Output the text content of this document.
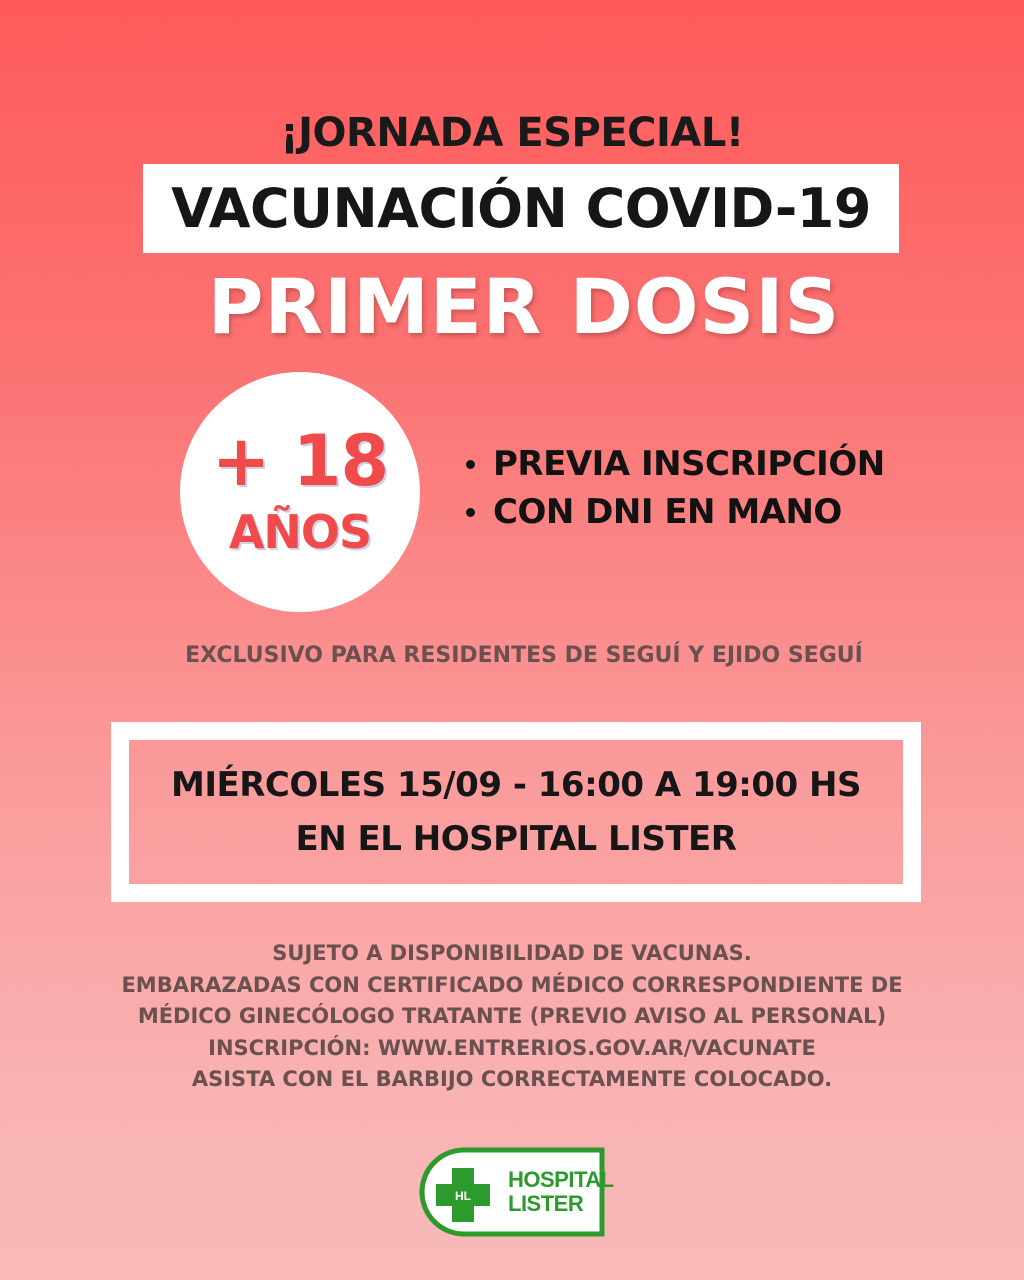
¡JORNADA ESPECIAL!
VACUNACIÓN COVID-19
PRIMER DOSIS
+ 18
AÑOS
PREVIA INSCRIPCIÓN
CON DNI EN MANO
EXCLUSIVO PARA RESIDENTES DE SEGUÍ Y EJIDO SEGUÍ
MIÉRCOLES 15/09 - 16:00 A 19:00 HS
EN EL HOSPITAL LISTER
SUJETO A DISPONIBILIDAD DE VACUNAS.
EMBARAZADAS CON CERTIFICADO MÉDICO CORRESPONDIENTE DE
MÉDICO GINECÓLOGO TRATANTE (PREVIO AVISO AL PERSONAL)
INSCRIPCIÓN: WWW.ENTRERIOS.GOV.AR/VACUNATE
ASISTA CON EL BARBIJO CORRECTAMENTE COLOCADO.
HL
HOSPITAL
LISTER
